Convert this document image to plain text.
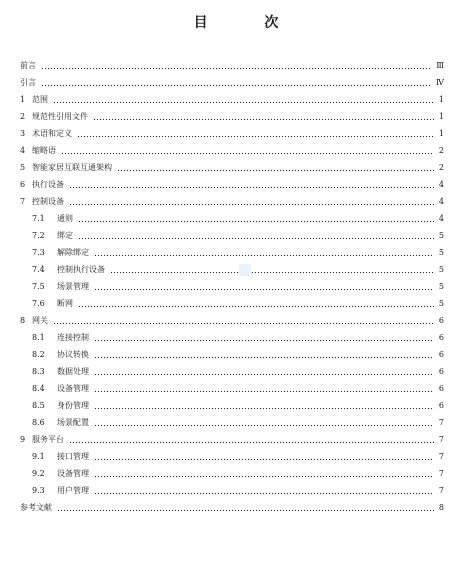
目 次
前言	Ⅲ
引言	Ⅳ
1 范围	1
2 规范性引用文件	1
3 术语和定义	1
4 缩略语	2
5 智能家居互联互通架构	2
6 执行设备	4
7 控制设备	4
7.1	通则	4
7.2	绑定	5
7.3	解除绑定	5
7.4	控制执行设备	5
7.5	场景管理	5
7.6	断网	5
8 网关	6
8.1	连接控制	6
8.2	协议转换	6
8.3	数据处理	6
8.4	设备管理	6
8.5	身份管理	6
8.6	场景配置	7
9 服务平台	7
9.1	接口管理	7
9.2	设备管理	7
9.3	用户管理	7
参考文献	8
